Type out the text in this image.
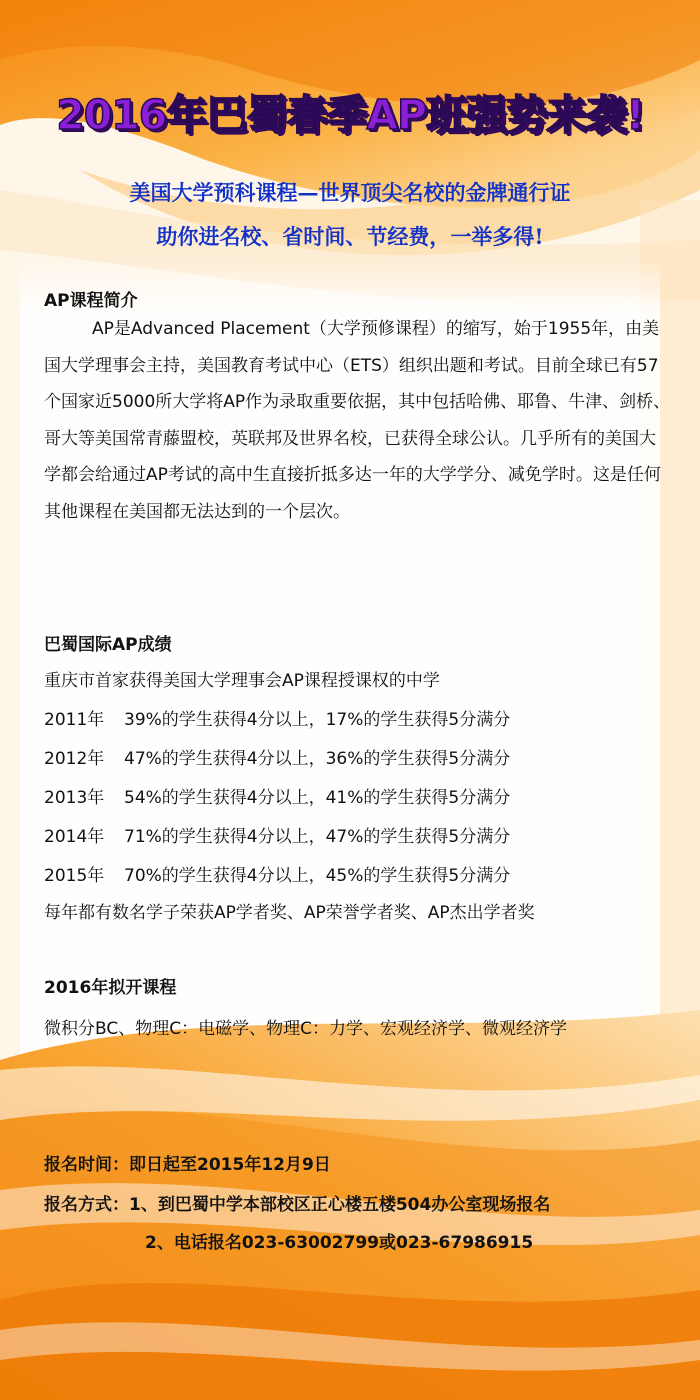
2016年巴蜀春季AP班强势来袭!
美国大学预科课程—世界顶尖名校的金牌通行证
助你进名校、省时间、节经费，一举多得!
AP课程简介

AP是Advanced Placement（大学预修课程）的缩写，始于1955年，由美国大学理事会主持，美国教育考试中心（ETS）组织出题和考试。目前全球已有57个国家近5000所大学将AP作为录取重要依据，其中包括哈佛、耶鲁、牛津、剑桥、哥大等美国常青藤盟校，英联邦及世界名校，已获得全球公认。几乎所有的美国大学都会给通过AP考试的高中生直接折抵多达一年的大学学分、减免学时。这是任何其他课程在美国都无法达到的一个层次。

巴蜀国际AP成绩
重庆市首家获得美国大学理事会AP课程授课权的中学
2011年 39%的学生获得4分以上，17%的学生获得5分满分
2012年 47%的学生获得4分以上，36%的学生获得5分满分
2013年 54%的学生获得4分以上，41%的学生获得5分满分
2014年 71%的学生获得4分以上，47%的学生获得5分满分
2015年 70%的学生获得4分以上，45%的学生获得5分满分
每年都有数名学子荣获AP学者奖、AP荣誉学者奖、AP杰出学者奖
2016年拟开课程
微积分BC、物理C：电磁学、物理C：力学、宏观经济学、微观经济学
报名时间：即日起至2015年12月9日
报名方式：1、到巴蜀中学本部校区正心楼五楼504办公室现场报名
2、电话报名023-63002799或023-67986915
